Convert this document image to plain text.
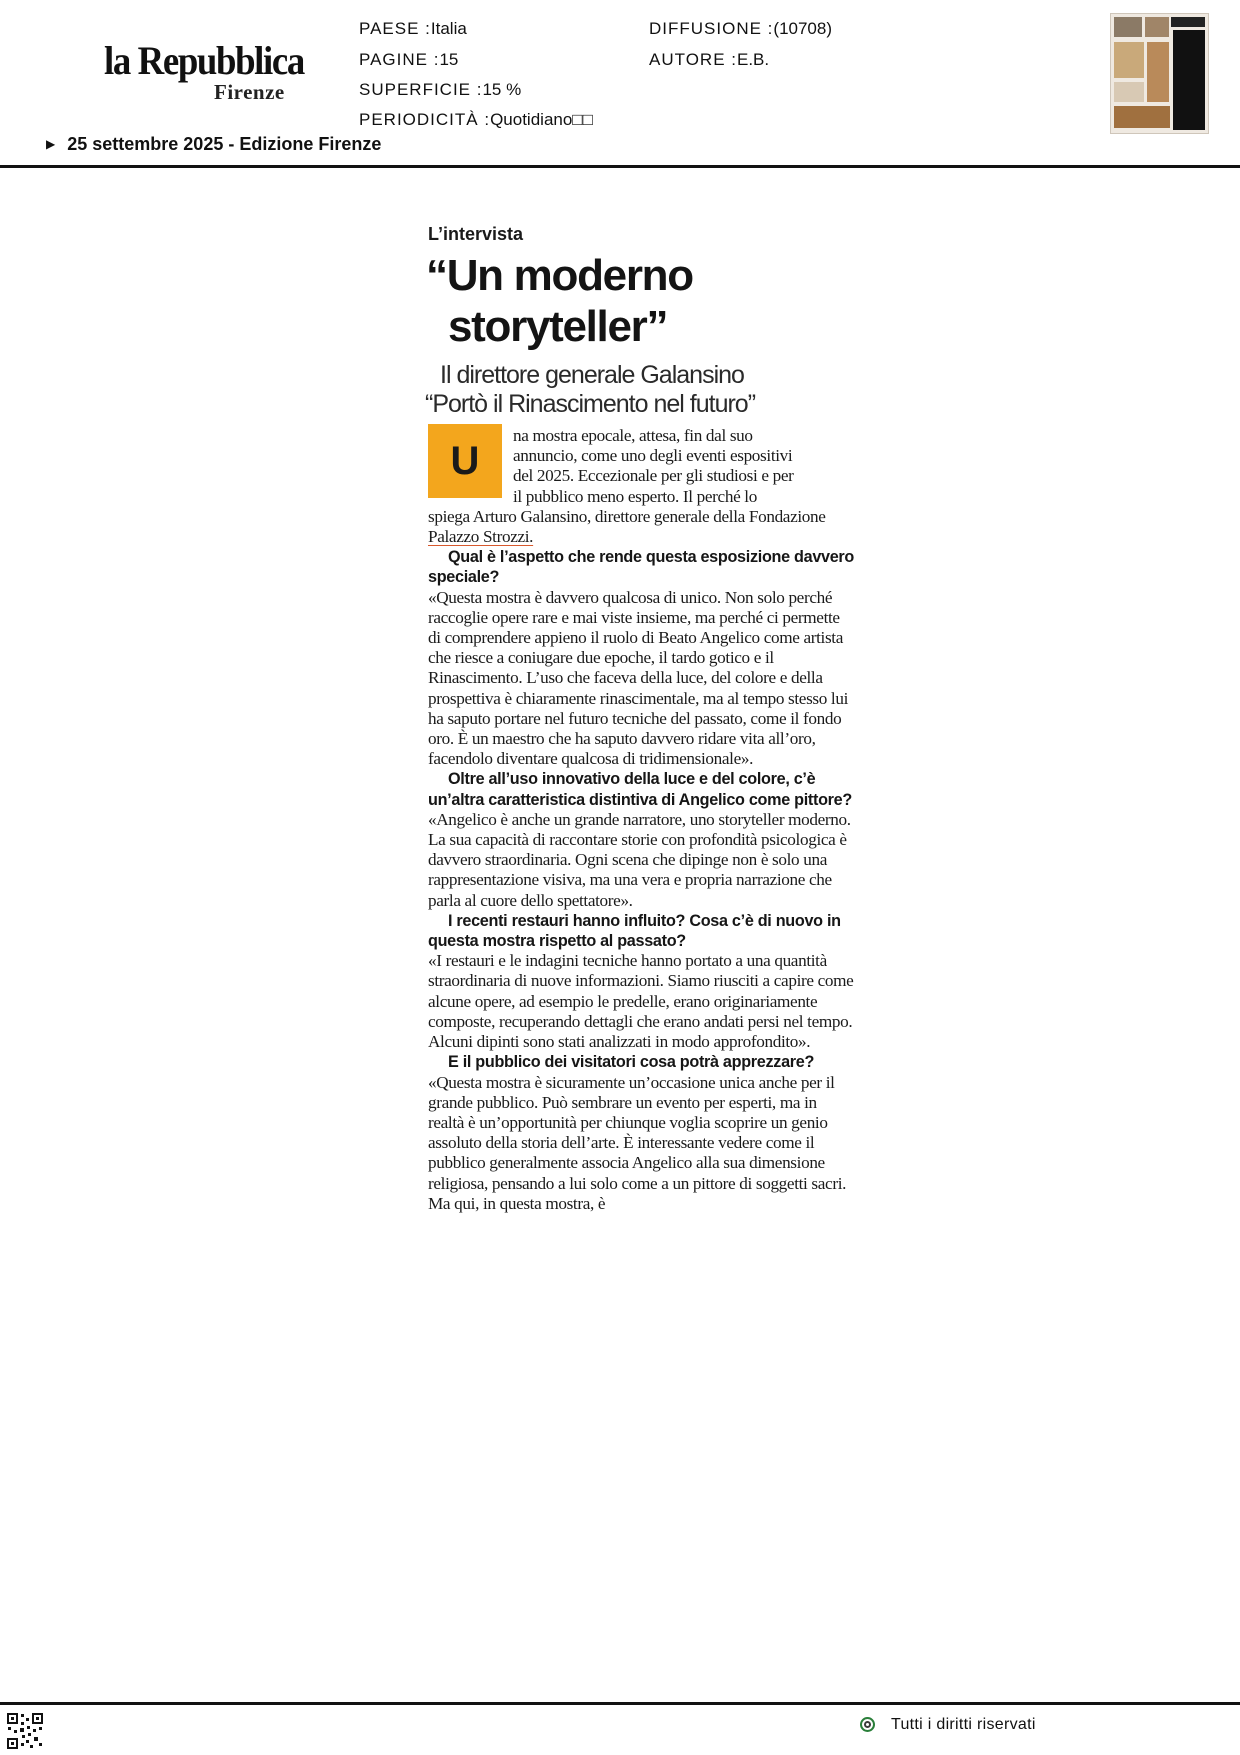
la Repubblica
Firenze
PAESE :Italia
PAGINE :15
SUPERFICIE :15 %
PERIODICITÀ :Quotidiano□□
DIFFUSIONE :(10708)
AUTORE :E.B.
▶ 25 settembre 2025 - Edizione Firenze
L’intervista
“Un moderno
storyteller”
Il direttore generale Galansino
“Portò il Rinascimento nel futuro”
U

na mostra epocale, attesa, fin dal suo
annuncio, come uno degli eventi espositivi
del 2025. Eccezionale per gli studiosi e per
il pubblico meno esperto. Il perché lo
spiega Arturo Galansino, direttore generale della Fondazione Palazzo Strozzi.

Qual è l’aspetto che rende questa esposizione davvero speciale?

«Questa mostra è davvero qualcosa di unico. Non solo perché raccoglie opere rare e mai viste insieme, ma perché ci permette di comprendere appieno il ruolo di Beato Angelico come artista che riesce a coniugare due epoche, il tardo gotico e il Rinascimento. L’uso che faceva della luce, del colore e della prospettiva è chiaramente rinascimentale, ma al tempo stesso lui ha saputo portare nel futuro tecniche del passato, come il fondo oro. È un maestro che ha saputo davvero ridare vita all’oro, facendolo diventare qualcosa di tridimensionale».

Oltre all’uso innovativo della luce e del colore, c’è un’altra caratteristica distintiva di Angelico come pittore?

«Angelico è anche un grande narratore, uno storyteller moderno. La sua capacità di raccontare storie con profondità psicologica è davvero straordinaria. Ogni scena che dipinge non è solo una rappresentazione visiva, ma una vera e propria narrazione che parla al cuore dello spettatore».

I recenti restauri hanno influito? Cosa c’è di nuovo in questa mostra rispetto al passato?

«I restauri e le indagini tecniche hanno portato a una quantità straordinaria di nuove informazioni. Siamo riusciti a capire come alcune opere, ad esempio le predelle, erano originariamente composte, recuperando dettagli che erano andati persi nel tempo. Alcuni dipinti sono stati analizzati in modo approfondito».

E il pubblico dei visitatori cosa potrà apprezzare?

«Questa mostra è sicuramente un’occasione unica anche per il grande pubblico. Può sembrare un evento per esperti, ma in realtà è un’opportunità per chiunque voglia scoprire un genio assoluto della storia dell’arte. È interessante vedere come il pubblico generalmente associa Angelico alla sua dimensione religiosa, pensando a lui solo come a un pittore di soggetti sacri. Ma qui, in questa mostra, è

Tutti i diritti riservati
